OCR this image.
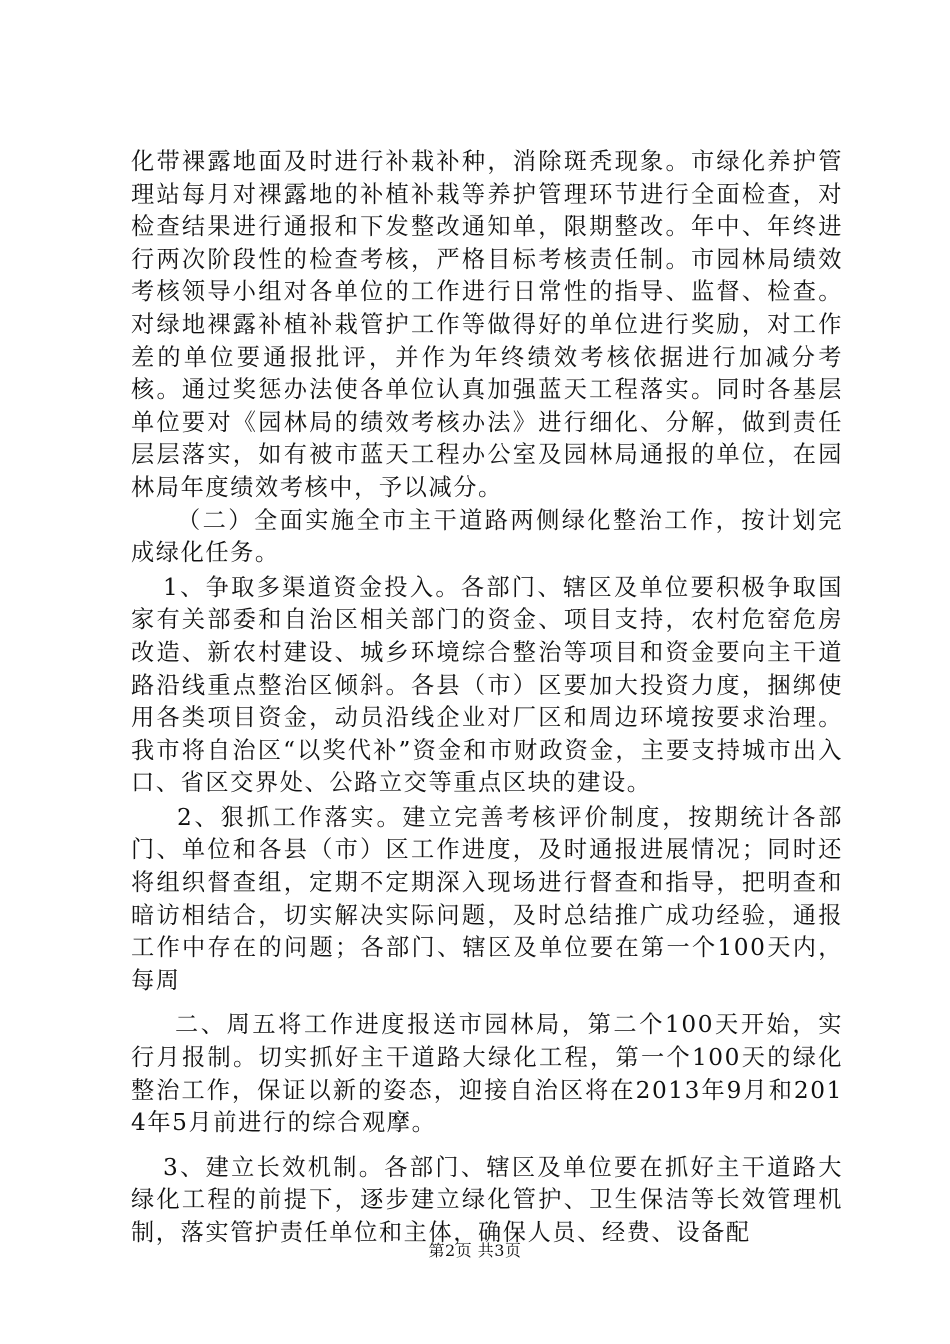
化带裸露地面及时进行补栽补种，消除斑秃现象。市绿化养护管理站每月对裸露地的补植补栽等养护管理环节进行全面检查，对检查结果进行通报和下发整改通知单，限期整改。年中、年终进行两次阶段性的检查考核，严格目标考核责任制。市园林局绩效考核领导小组对各单位的工作进行日常性的指导、监督、检查。对绿地裸露补植补栽管护工作等做得好的单位进行奖励，对工作差的单位要通报批评，并作为年终绩效考核依据进行加减分考核。通过奖惩办法使各单位认真加强蓝天工程落实。同时各基层单位要对《园林局的绩效考核办法》进行细化、分解，做到责任层层落实，如有被市蓝天工程办公室及园林局通报的单位，在园林局年度绩效考核中，予以减分。

（二）全面实施全市主干道路两侧绿化整治工作，按计划完成绿化任务。

1、争取多渠道资金投入。各部门、辖区及单位要积极争取国家有关部委和自治区相关部门的资金、项目支持，农村危窑危房改造、新农村建设、城乡环境综合整治等项目和资金要向主干道路沿线重点整治区倾斜。各县（市）区要加大投资力度，捆绑使用各类项目资金，动员沿线企业对厂区和周边环境按要求治理。我市将自治区“以奖代补”资金和市财政资金，主要支持城市出入口、省区交界处、公路立交等重点区块的建设。

2、狠抓工作落实。建立完善考核评价制度，按期统计各部门、单位和各县（市）区工作进度，及时通报进展情况；同时还将组织督查组，定期不定期深入现场进行督查和指导，把明查和暗访相结合，切实解决实际问题，及时总结推广成功经验，通报工作中存在的问题；各部门、辖区及单位要在第一个100天内，每周

二、周五将工作进度报送市园林局，第二个100天开始，实行月报制。切实抓好主干道路大绿化工程，第一个100天的绿化整治工作，保证以新的姿态，迎接自治区将在2013年9月和2014年5月前进行的综合观摩。

3、建立长效机制。各部门、辖区及单位要在抓好主干道路大绿化工程的前提下，逐步建立绿化管护、卫生保洁等长效管理机制，落实管护责任单位和主体，确保人员、经费、设备配

第2页 共3页
